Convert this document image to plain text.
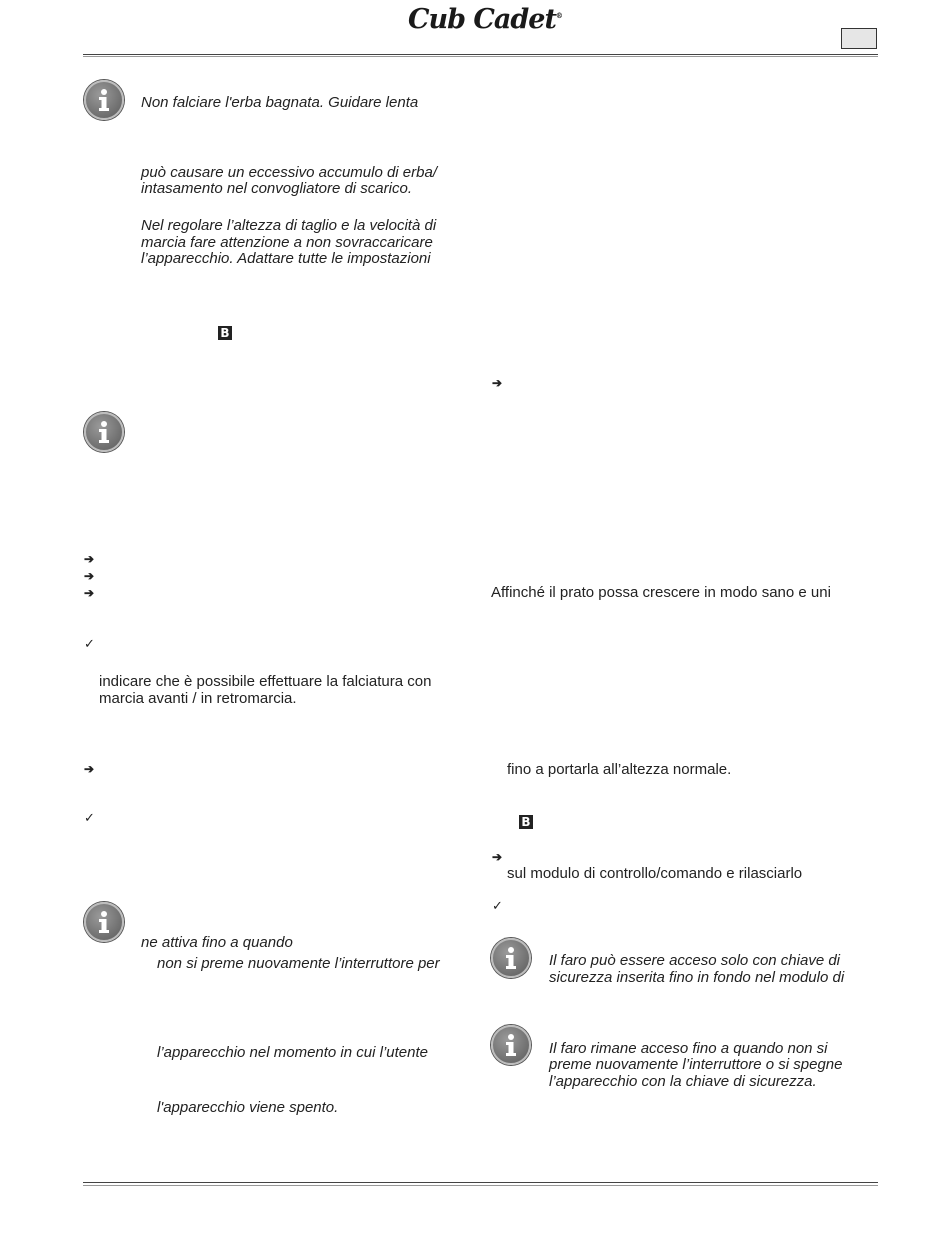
Cub Cadet®
Non falciare l'erba bagnata. Guidare lenta
può causare un eccessivo accumulo di erba/
intasamento nel convogliatore di scarico.
Nel regolare l’altezza di taglio e la velocità di
marcia fare attenzione a non sovraccaricare
l’apparecchio. Adattare tutte le impostazioni
B
➔
➔
➔
✓
indicare che è possibile effettuare la falciatura con
marcia avanti / in retromarcia.
➔
✓
ne attiva fino a quando
non si preme nuovamente l’interruttore per
l’apparecchio nel momento in cui l’utente
l'apparecchio viene spento.
➔
Affinché il prato possa crescere in modo sano e uni
fino a portarla all’altezza normale.
B
➔
sul modulo di controllo/comando e rilasciarlo
✓
Il faro può essere acceso solo con chiave di
sicurezza inserita fino in fondo nel modulo di
Il faro rimane acceso fino a quando non si
preme nuovamente l’interruttore o si spegne
l’apparecchio con la chiave di sicurezza.
